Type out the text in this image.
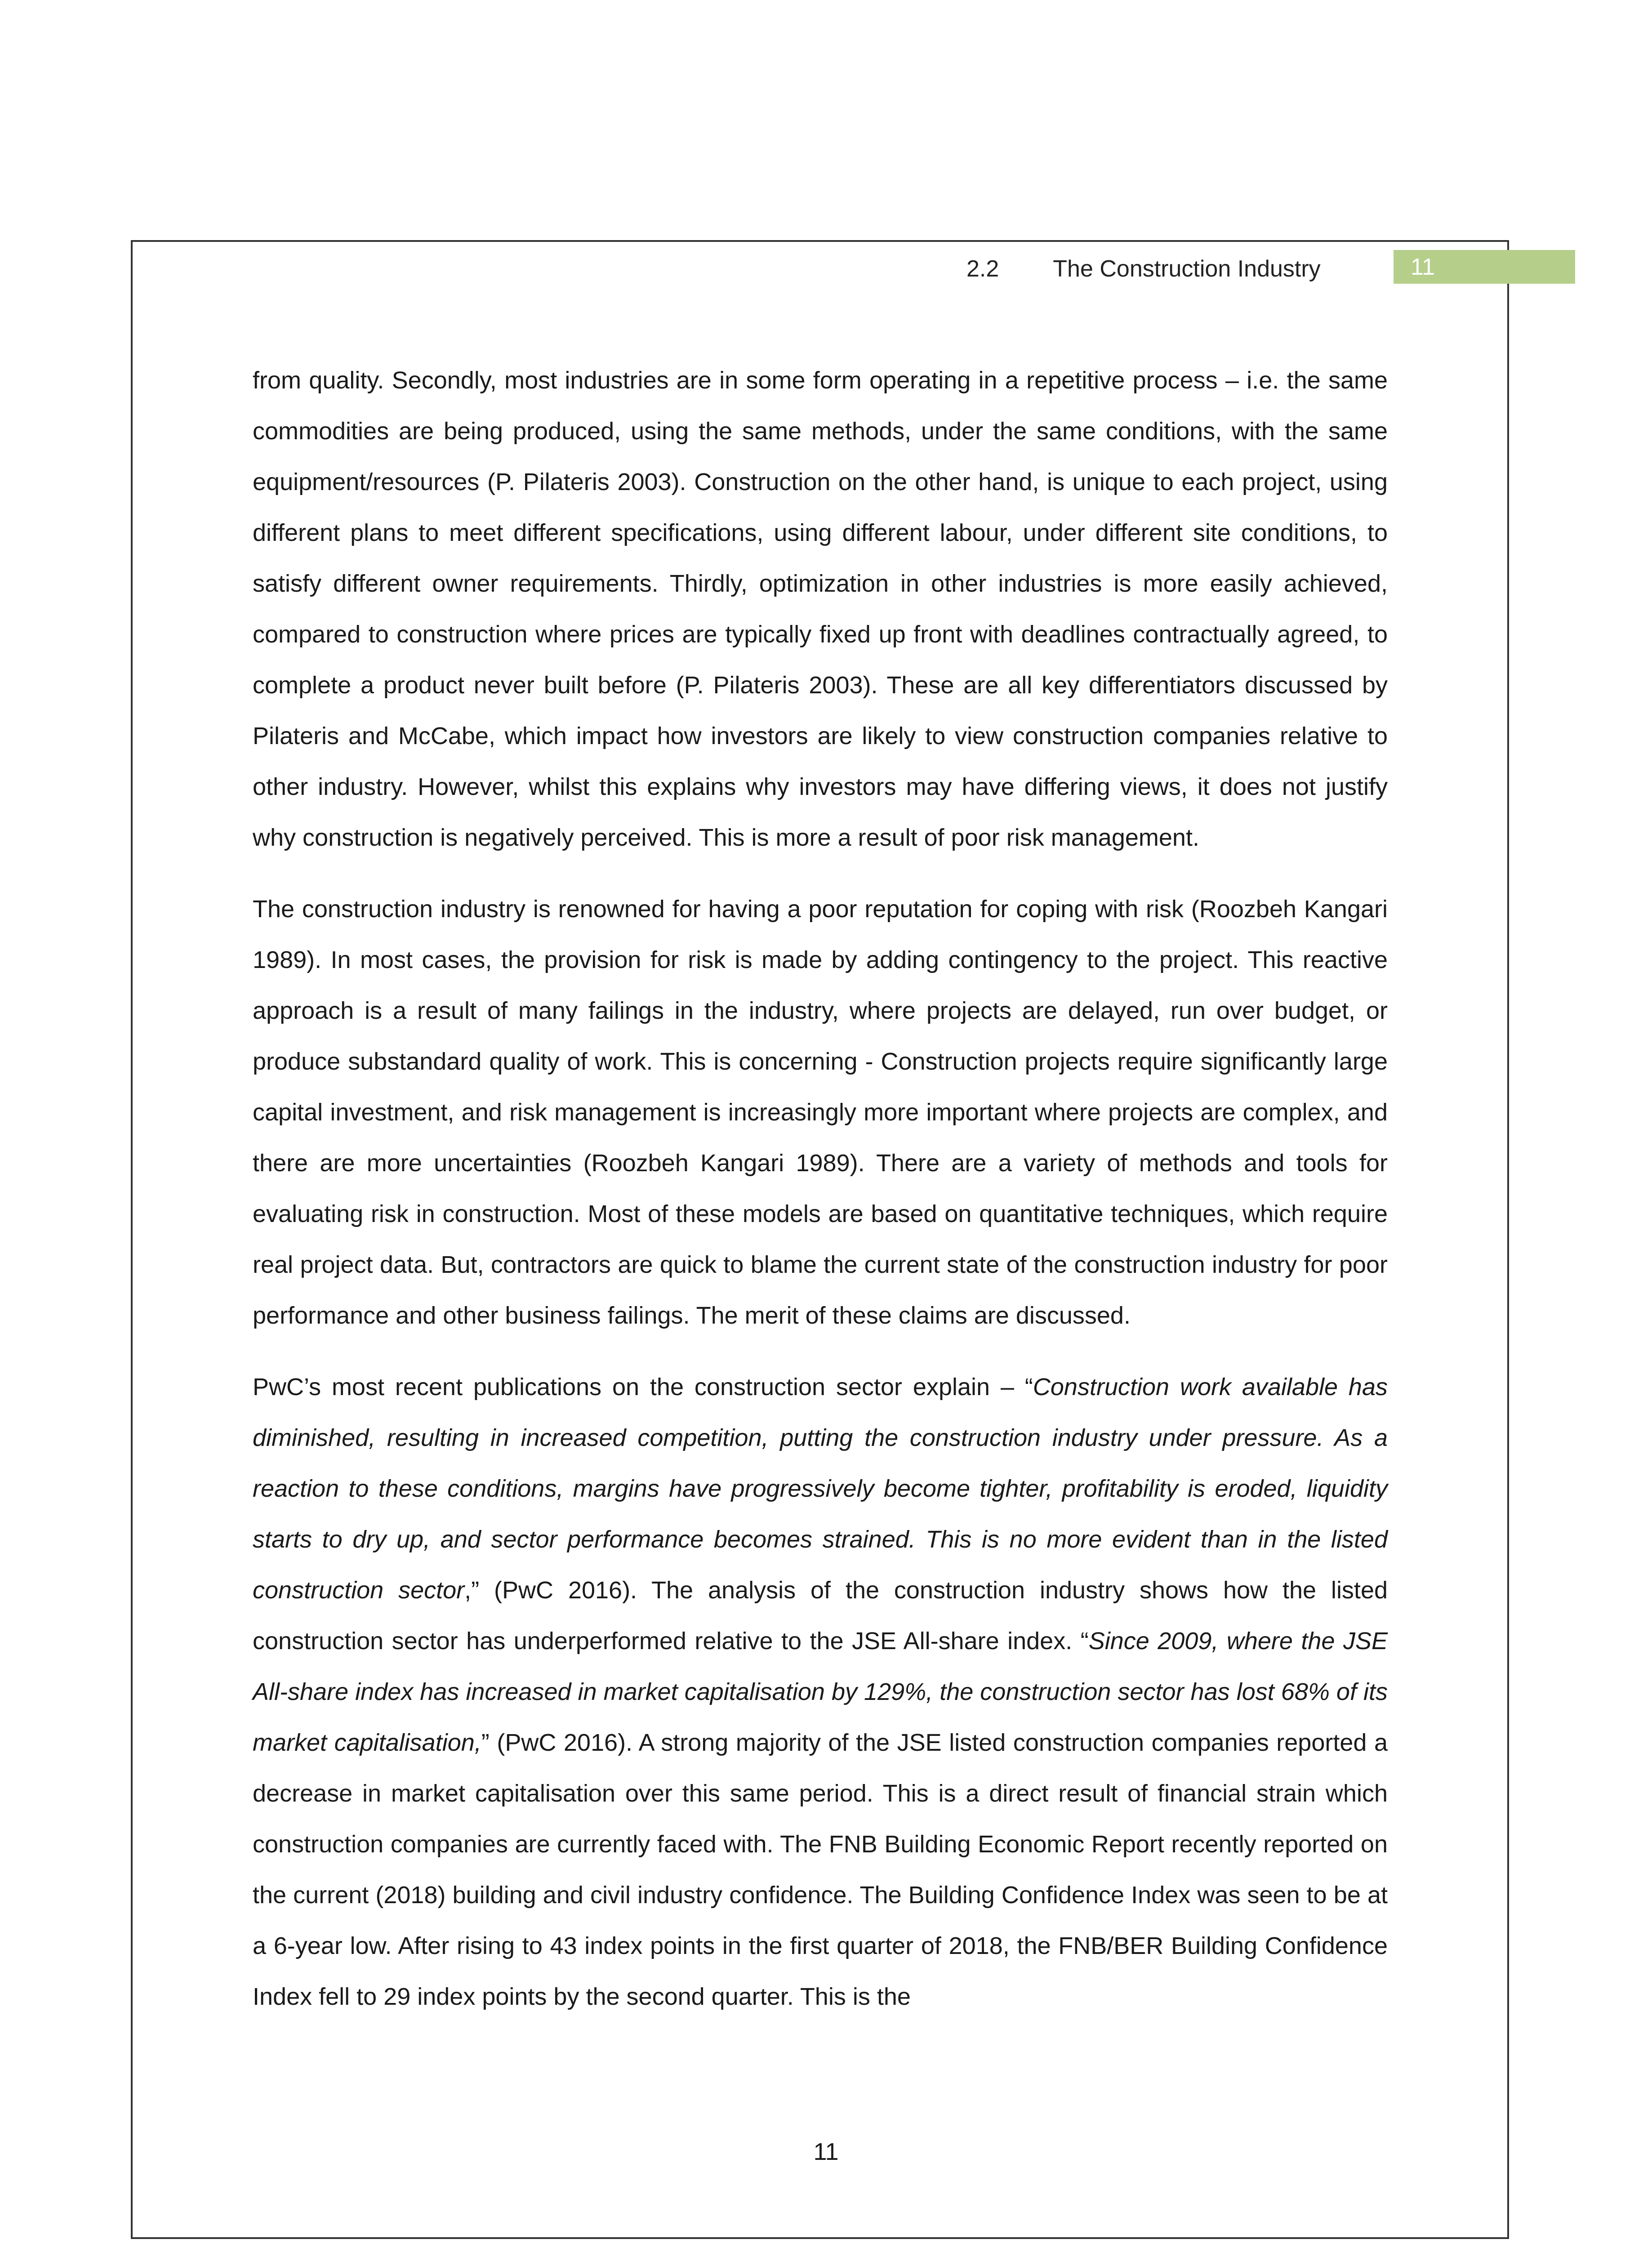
2.2 The Construction Industry	11

from quality. Secondly, most industries are in some form operating in a repetitive process – i.e. the same commodities are being produced, using the same methods, under the same conditions, with the same equipment/resources (P. Pilateris 2003). Construction on the other hand, is unique to each project, using different plans to meet different specifications, using different labour, under different site conditions, to satisfy different owner requirements. Thirdly, optimization in other industries is more easily achieved, compared to construction where prices are typically fixed up front with deadlines contractually agreed, to complete a product never built before (P. Pilateris 2003). These are all key differentiators discussed by Pilateris and McCabe, which impact how investors are likely to view construction companies relative to other industry. However, whilst this explains why investors may have differing views, it does not justify why construction is negatively perceived. This is more a result of poor risk management.

The construction industry is renowned for having a poor reputation for coping with risk (Roozbeh Kangari 1989). In most cases, the provision for risk is made by adding contingency to the project. This reactive approach is a result of many failings in the industry, where projects are delayed, run over budget, or produce substandard quality of work. This is concerning - Construction projects require significantly large capital investment, and risk management is increasingly more important where projects are complex, and there are more uncertainties (Roozbeh Kangari 1989). There are a variety of methods and tools for evaluating risk in construction. Most of these models are based on quantitative techniques, which require real project data. But, contractors are quick to blame the current state of the construction industry for poor performance and other business failings. The merit of these claims are discussed.

PwC’s most recent publications on the construction sector explain – “Construction work available has diminished, resulting in increased competition, putting the construction industry under pressure. As a reaction to these conditions, margins have progressively become tighter, profitability is eroded, liquidity starts to dry up, and sector performance becomes strained. This is no more evident than in the listed construction sector,” (PwC 2016). The analysis of the construction industry shows how the listed construction sector has underperformed relative to the JSE All-share index. “Since 2009, where the JSE All-share index has increased in market capitalisation by 129%, the construction sector has lost 68% of its market capitalisation,” (PwC 2016). A strong majority of the JSE listed construction companies reported a decrease in market capitalisation over this same period. This is a direct result of financial strain which construction companies are currently faced with. The FNB Building Economic Report recently reported on the current (2018) building and civil industry confidence. The Building Confidence Index was seen to be at a 6-year low. After rising to 43 index points in the first quarter of 2018, the FNB/BER Building Confidence Index fell to 29 index points by the second quarter. This is the

11
